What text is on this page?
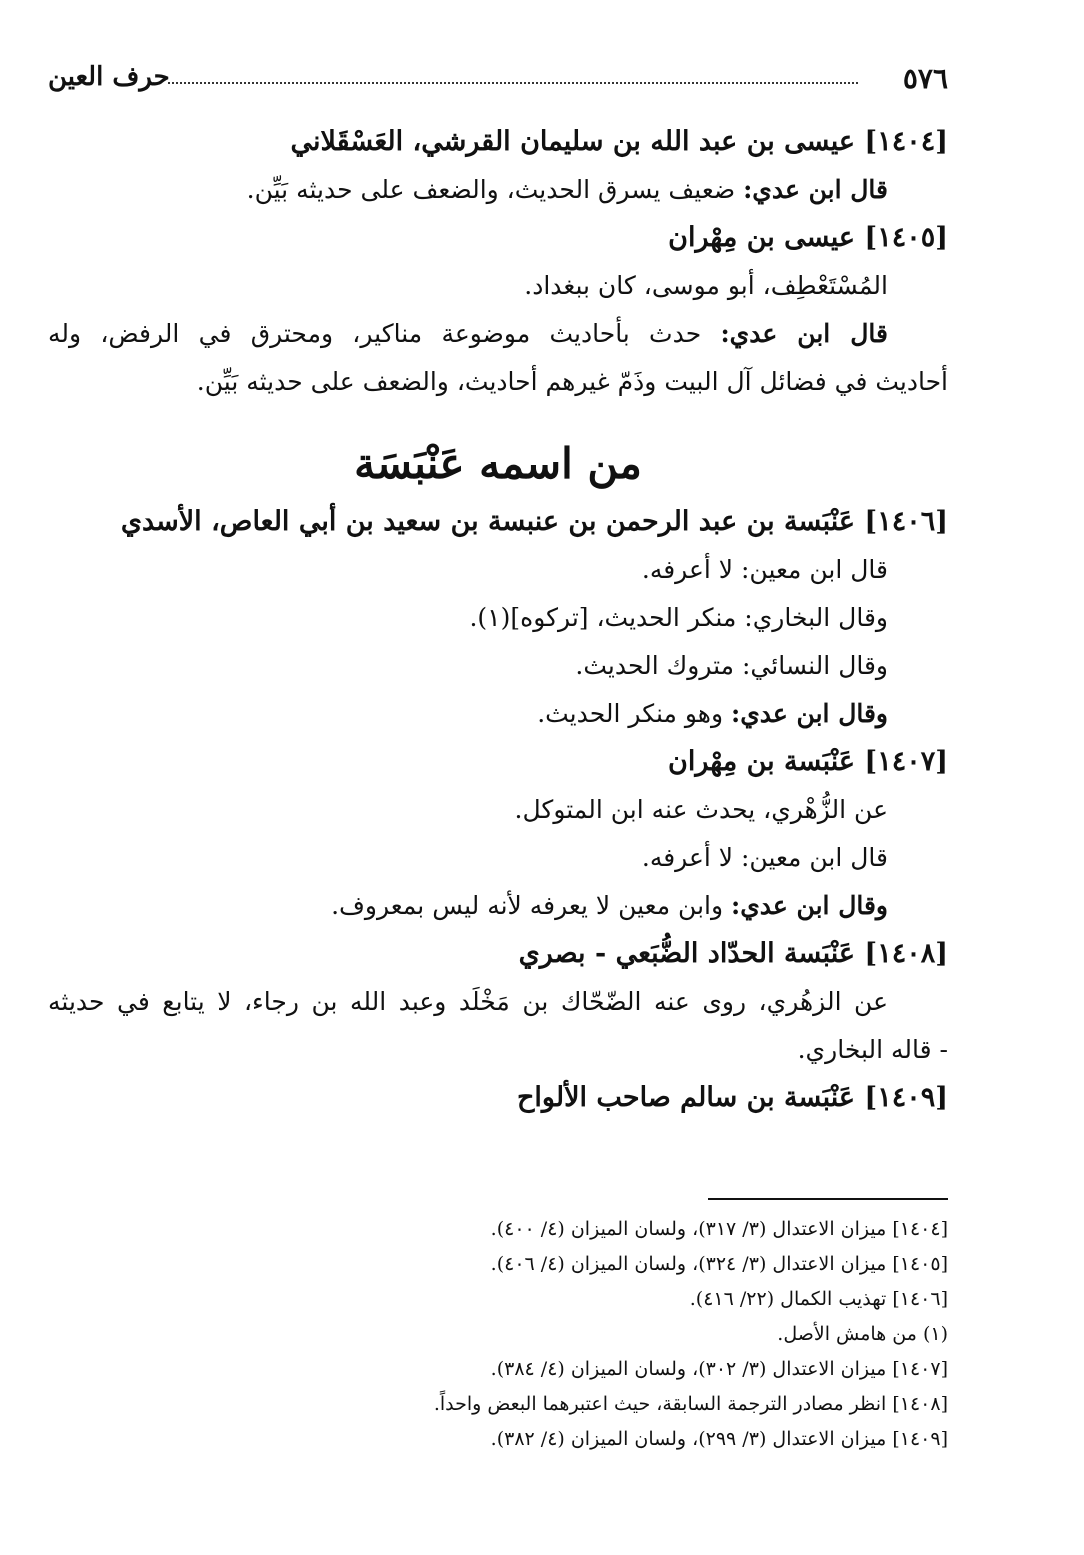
٥٧٦
حرف العين
[١٤٠٤] عيسى بن عبد الله بن سليمان القرشي، العَسْقَلاني
قال ابن عدي: ضعيف يسرق الحديث، والضعف على حديثه بَيِّن.
[١٤٠٥] عيسى بن مِهْران
المُسْتَعْطِف، أبو موسى، كان ببغداد.
قال ابن عدي: حدث بأحاديث موضوعة مناكير، ومحترق في الرفض، وله
أحاديث في فضائل آل البيت وذَمّ غيرهم أحاديث، والضعف على حديثه بَيِّن.
من اسمه عَنْبَسَة
[١٤٠٦] عَنْبَسة بن عبد الرحمن بن عنبسة بن سعيد بن أبي العاص، الأسدي
قال ابن معين: لا أعرفه.
وقال البخاري: منكر الحديث، [تركوه](١).
وقال النسائي: متروك الحديث.
وقال ابن عدي: وهو منكر الحديث.
[١٤٠٧] عَنْبَسة بن مِهْران
عن الزُّهْري، يحدث عنه ابن المتوكل.
قال ابن معين: لا أعرفه.
وقال ابن عدي: وابن معين لا يعرفه لأنه ليس بمعروف.
[١٤٠٨] عَنْبَسة الحدّاد الضُّبَعي - بصري
عن الزهُري، روى عنه الضّحّاك بن مَخْلَد وعبد الله بن رجاء، لا يتابع في حديثه
- قاله البخاري.
[١٤٠٩] عَنْبَسة بن سالم صاحب الألواح
[١٤٠٤] ميزان الاعتدال (٣/ ٣١٧)، ولسان الميزان (٤/ ٤٠٠).
[١٤٠٥] ميزان الاعتدال (٣/ ٣٢٤)، ولسان الميزان (٤/ ٤٠٦).
[١٤٠٦] تهذيب الكمال (٢٢/ ٤١٦).
(١) من هامش الأصل.
[١٤٠٧] ميزان الاعتدال (٣/ ٣٠٢)، ولسان الميزان (٤/ ٣٨٤).
[١٤٠٨] انظر مصادر الترجمة السابقة، حيث اعتبرهما البعض واحداً.
[١٤٠٩] ميزان الاعتدال (٣/ ٢٩٩)، ولسان الميزان (٤/ ٣٨٢).
